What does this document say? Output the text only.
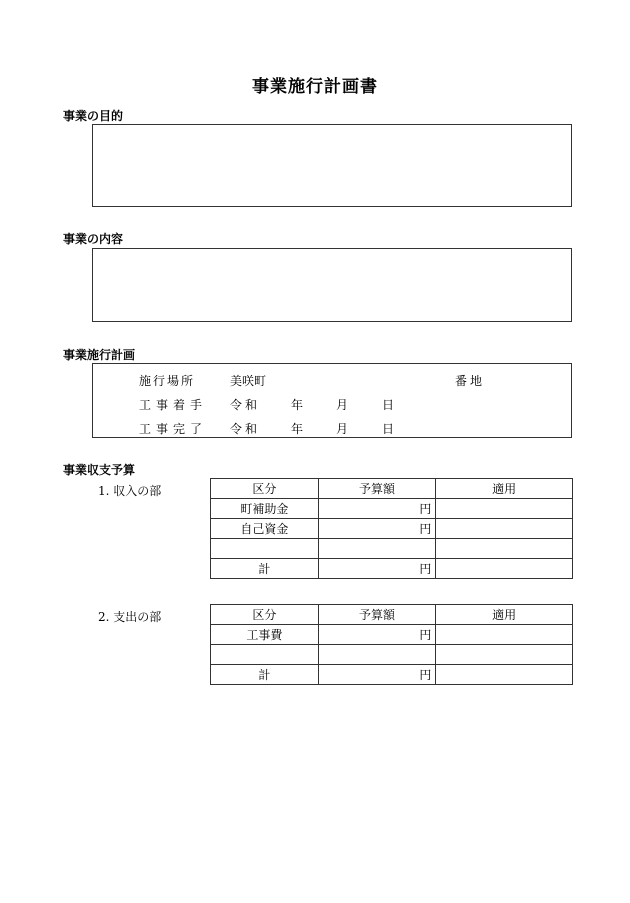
事業施行計画書
事業の目的
事業の内容
事業施行計画
施行場所	美咲町	番地
工事着手 令和	年	月	日
工事完了 令和	年	月	日
事業収支予算
1. 収入の部	区分	予算額	適用
町補助金	円	
自己資金	円	

計	円	
2. 支出の部	区分	予算額	適用
工事費	円	

計	円	
